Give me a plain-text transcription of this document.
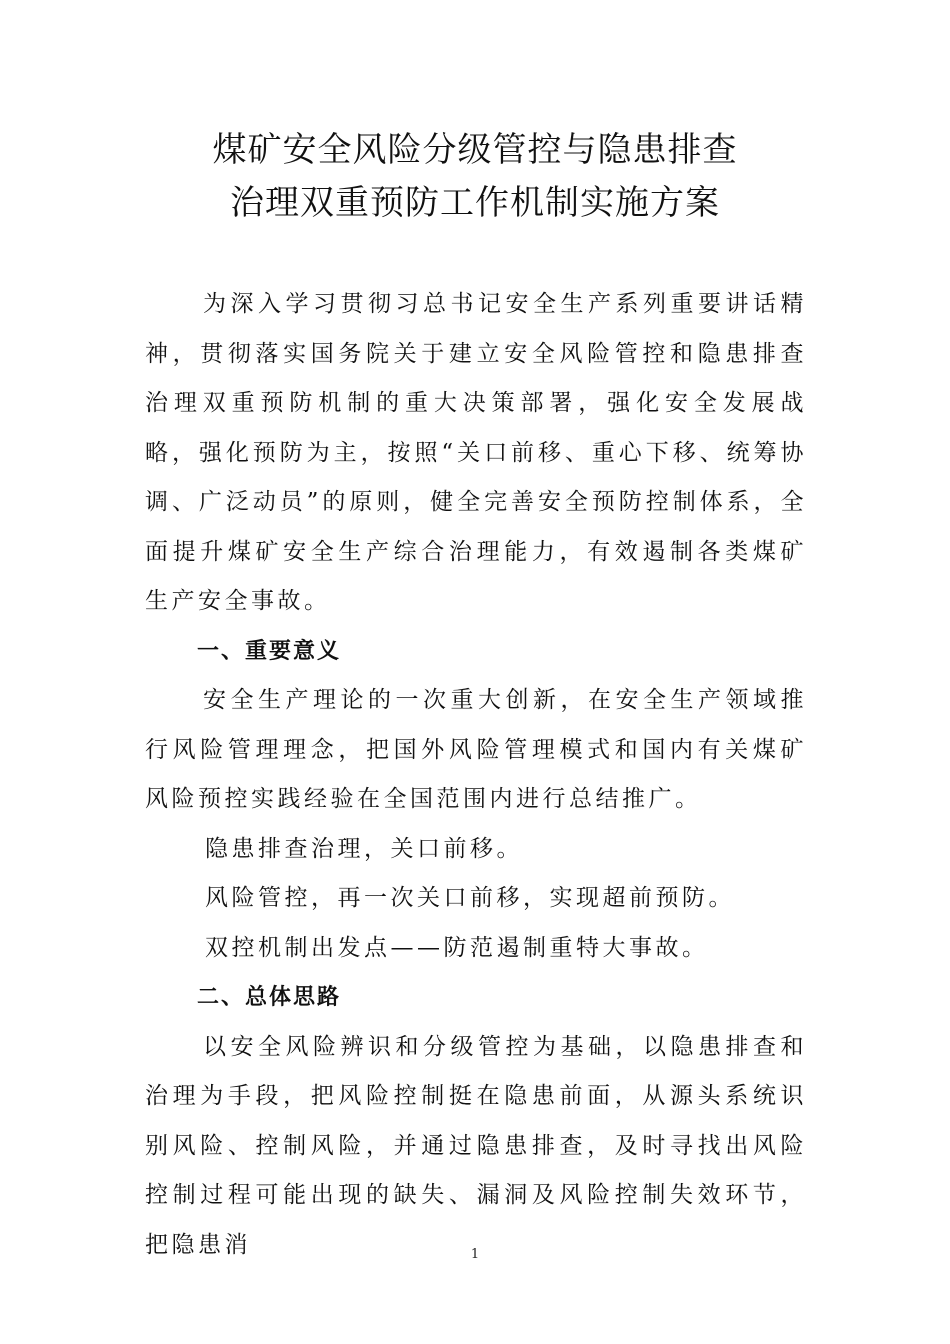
煤矿安全风险分级管控与隐患排查
治理双重预防工作机制实施方案

为深入学习贯彻习总书记安全生产系列重要讲话精神，贯彻落实国务院关于建立安全风险管控和隐患排查治理双重预防机制的重大决策部署，强化安全发展战略，强化预防为主，按照“关口前移、重心下移、统筹协调、广泛动员”的原则，健全完善安全预防控制体系，全面提升煤矿安全生产综合治理能力，有效遏制各类煤矿生产安全事故。

一、重要意义

安全生产理论的一次重大创新，在安全生产领域推行风险管理理念，把国外风险管理模式和国内有关煤矿风险预控实践经验在全国范围内进行总结推广。

隐患排查治理，关口前移。

风险管控，再一次关口前移，实现超前预防。

双控机制出发点——防范遏制重特大事故。

二、总体思路

以安全风险辨识和分级管控为基础，以隐患排查和治理为手段，把风险控制挺在隐患前面，从源头系统识别风险、控制风险，并通过隐患排查，及时寻找出风险控制过程可能出现的缺失、漏洞及风险控制失效环节，把隐患消	1
